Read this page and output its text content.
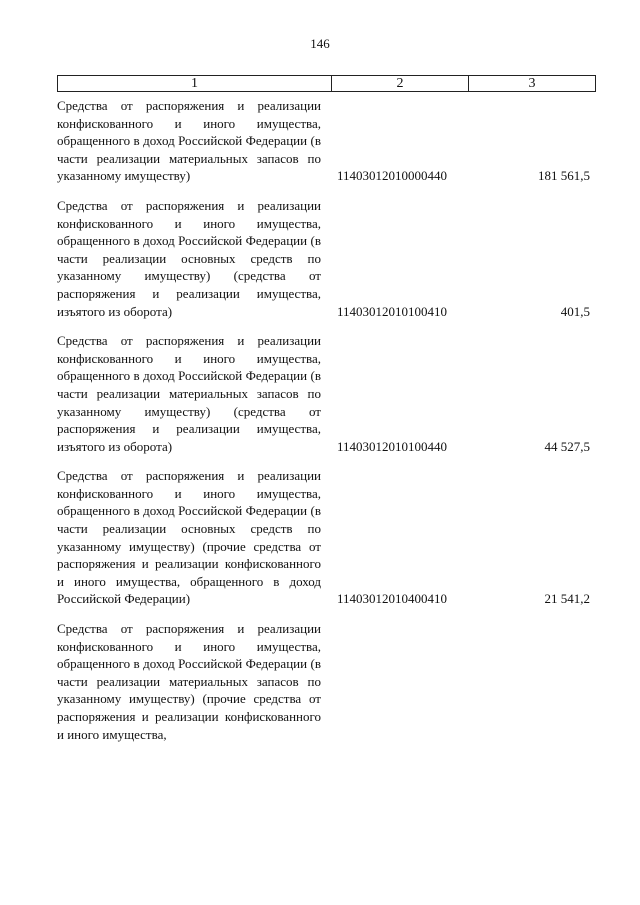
146
1	2	3

Средства от распоряжения и реализации конфискованного и иного имущества, обращенного в доход Российской Федерации (в части реализации материальных запасов по указанному имуществу)	11403012010000440	181 561,5

Средства от распоряжения и реализации конфискованного и иного имущества, обращенного в доход Российской Федерации (в части реализации основных средств по указанному имуществу) (средства от распоряжения и реализации имущества, изъятого из оборота)	11403012010100410	401,5

Средства от распоряжения и реализации конфискованного и иного имущества, обращенного в доход Российской Федерации (в части реализации материальных запасов по указанному имуществу) (средства от распоряжения и реализации имущества, изъятого из оборота)	11403012010100440	44 527,5

Средства от распоряжения и реализации конфискованного и иного имущества, обращенного в доход Российской Федерации (в части реализации основных средств по указанному имуществу) (прочие средства от распоряжения и реализации конфискованного и иного имущества, обращенного в доход Российской Федерации)	11403012010400410	21 541,2

Средства от распоряжения и реализации конфискованного и иного имущества, обращенного в доход Российской Федерации (в части реализации материальных запасов по указанному имуществу) (прочие средства от распоряжения и реализации конфискованного и иного имущества,
